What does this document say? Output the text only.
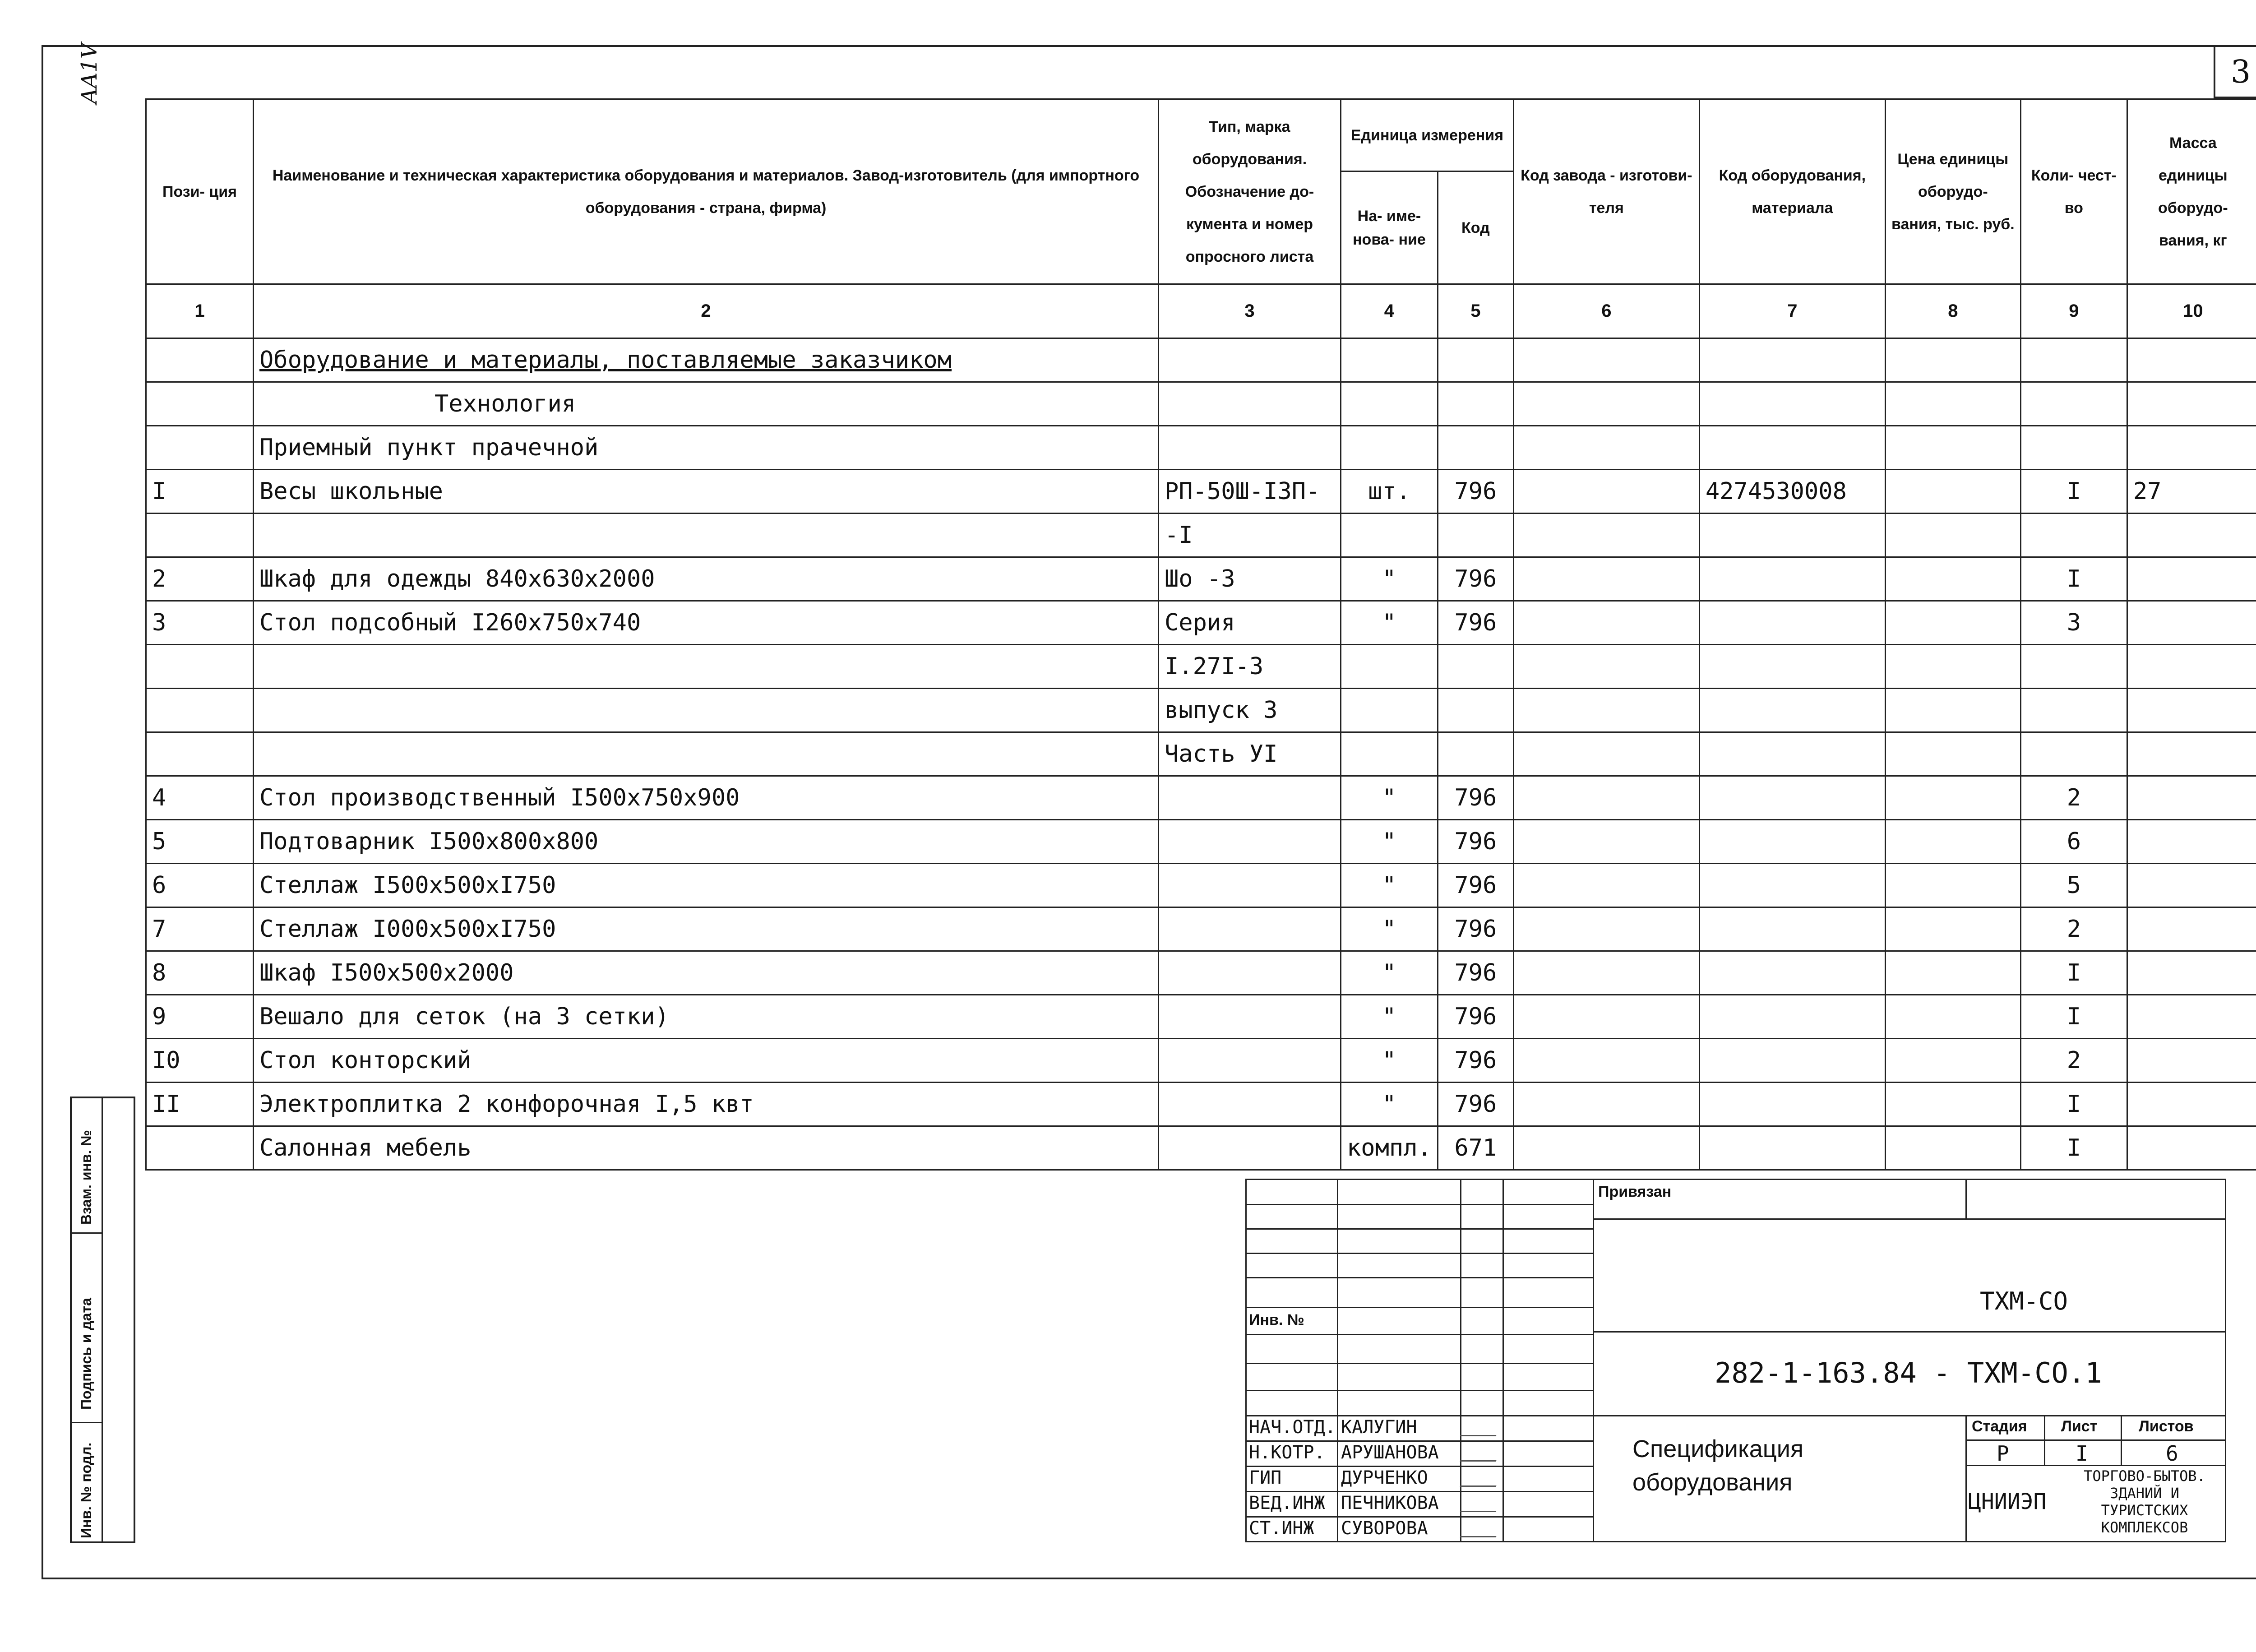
3
AA1V
Пози- ция	Наименование и техническая характеристика оборудования и материалов. Завод-изготовитель (для импортного оборудования - страна, фирма)	Тип, марка оборудования. Обозначение до- кумента и номер опросного листа	Единица измерения		Код завода - изготови- теля	Код оборудования, материала	Цена единицы оборудо- вания, тыс. руб.	Коли- чест- во	Масса единицы оборудо- вания, кг
			На- име- нова- ние	Код					
1	2	3	4	5	6	7	8	9	10
	Оборудование и материалы, поставляемые заказчиком								
	Технология								
	Приемный пункт прачечной								
I	Весы школьные	РП-50Ш-I3П-	шт.	796		4274530008		I	27
		-I							
2	Шкаф для одежды 840x630x2000	Шо -3	"	796				I	
3	Стол подсобный I260x750x740	Серия	"	796				3	
		I.27I-3							
		выпуск 3							
		Часть УI							
4	Стол производственный I500x750x900		"	796				2	
5	Подтоварник I500x800x800		"	796				6	
6	Стеллаж I500x500xI750		"	796				5	
7	Стеллаж I000x500xI750		"	796				2	
8	Шкаф I500x500x2000		"	796				I	
9	Вешало для сеток (на 3 сетки)		"	796				I	
I0	Стол конторский		"	796				2	
II	Электроплитка 2 конфорочная I,5 квт		"	796				I	
	Салонная мебель		компл.	671				I	
Взам. инв. №
Подпись и дата
Инв. № подл.
Инв. №
Привязан
ТХМ-СО
282-1-163.84 - ТХМ-СО.1
Спецификация
оборудования
Стадия Лист	Листов
Р	I	6
ЦНИИЭП
ТОРГОВО-БЫТОВ. ЗДАНИЙ И ТУРИСТСКИХ КОМПЛЕКСОВ
НАЧ.ОТД. КАЛУГИН
Н.КОТР. АРУШАНОВА
ГИП	ДУРЧЕНКО
ВЕД.ИНЖ ПЕЧНИКОВА
СТ.ИНЖ СУВОРОВА
